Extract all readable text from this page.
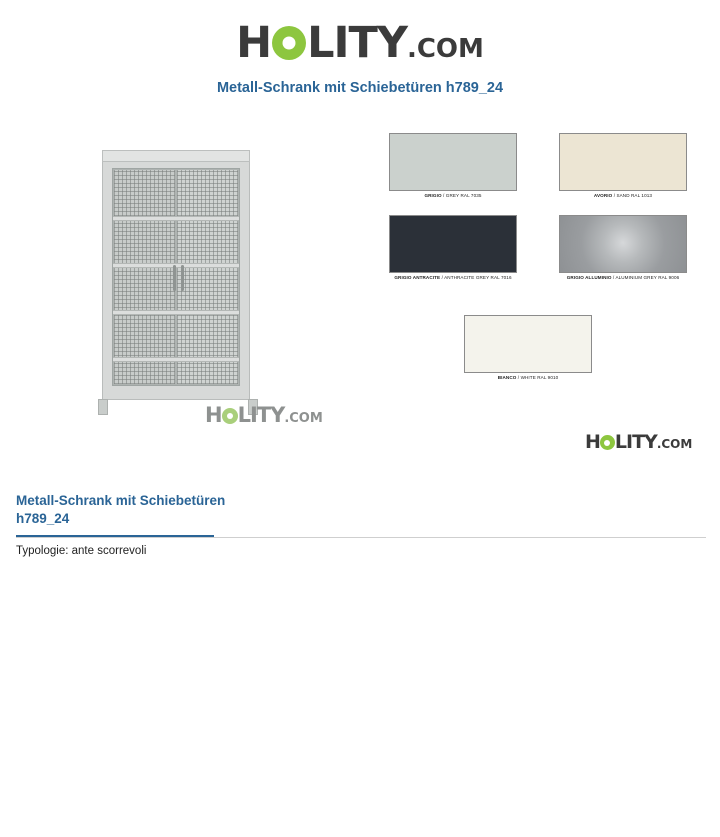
H LITY.COM
Metall-Schrank mit Schiebetüren h789_24
H LITY.COM
H LITY.COM
GRIGIO / GREY RAL 7035	AVORIO / SAND RAL 1013
GRIGIO ANTRACITE / ANTHRACITE GREY RAL 7016	GRIGIO ALLUMINIO / ALUMINIUM GREY RAL 9006
BIANCO / WHITE RAL 9010
Metall-Schrank mit Schiebetüren
h789_24
Typologie: ante scorrevoli
